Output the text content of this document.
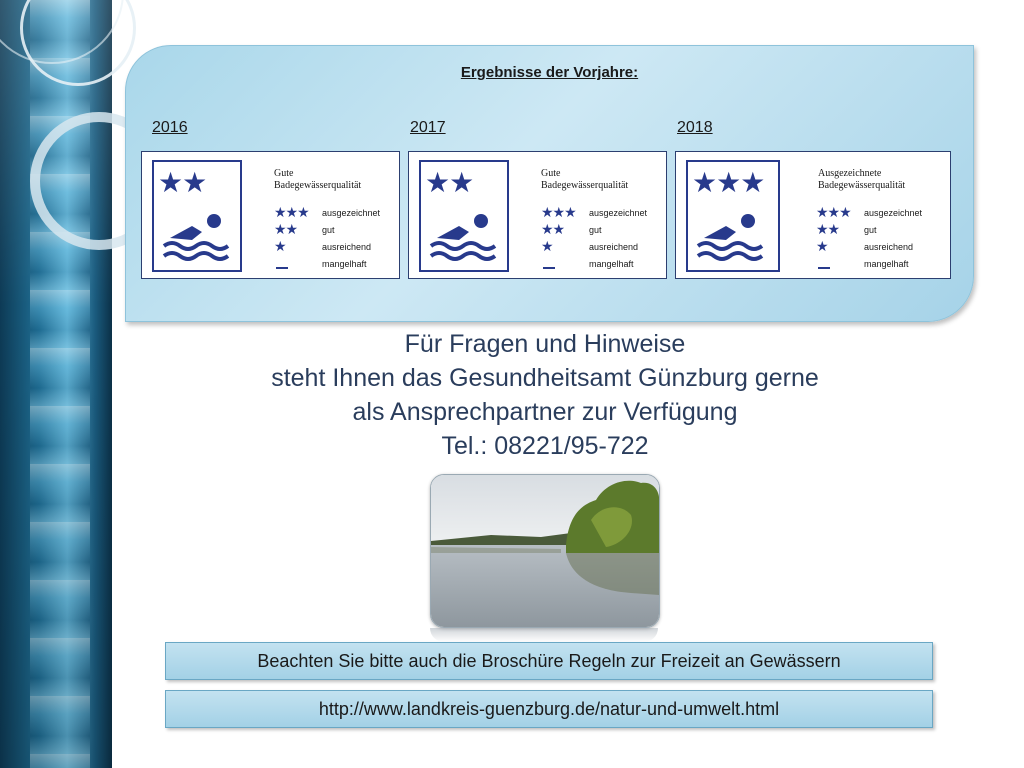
Ergebnisse der Vorjahre:
2016	2017	2018
★★	Gute
Badegewässerqualität
★★★	ausgezeichnet
★★	gut
★	ausreichend
mangelhaft
★★	Gute
Badegewässerqualität
★★★	ausgezeichnet
★★	gut
★	ausreichend
mangelhaft
★★★	Ausgezeichnete
Badegewässerqualität
★★★	ausgezeichnet
★★	gut
★	ausreichend
mangelhaft
Für Fragen und Hinweise
steht Ihnen das Gesundheitsamt Günzburg gerne
als Ansprechpartner zur Verfügung
Tel.: 08221/95-722
Beachten Sie bitte auch die Broschüre Regeln zur Freizeit an Gewässern
http://www.landkreis-guenzburg.de/natur-und-umwelt.html
